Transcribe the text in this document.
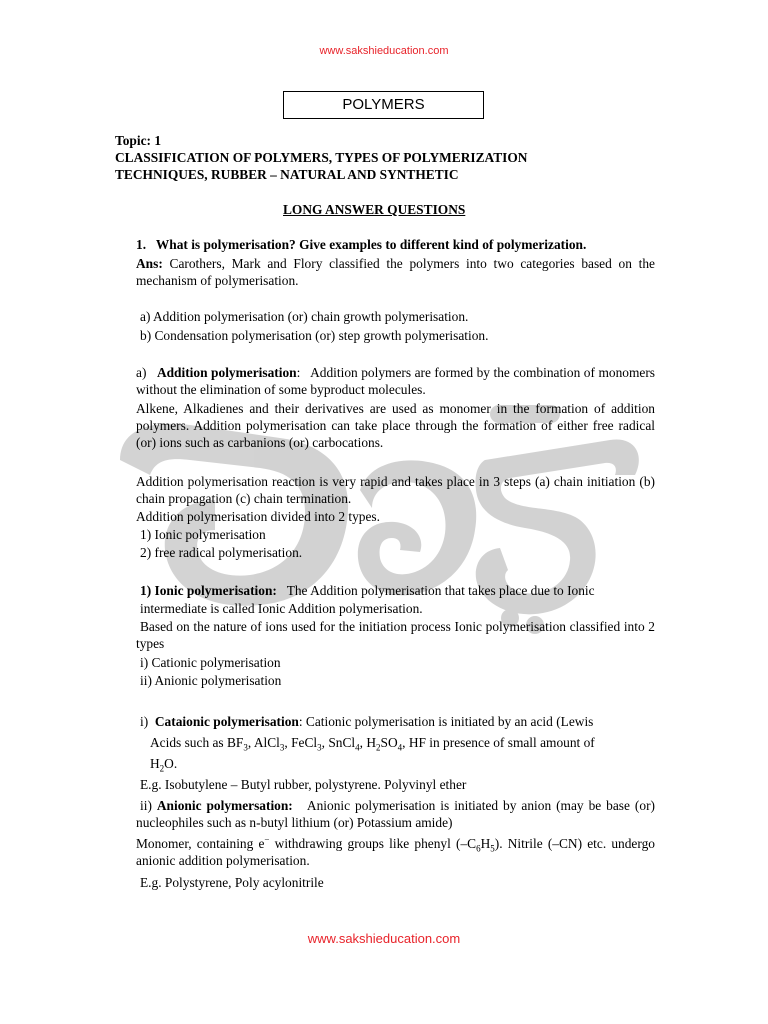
www.sakshieducation.com
POLYMERS
Topic: 1
CLASSIFICATION OF POLYMERS, TYPES OF POLYMERIZATION
TECHNIQUES, RUBBER – NATURAL AND SYNTHETIC
LONG ANSWER QUESTIONS
1. What is polymerisation? Give examples to different kind of polymerization.
Ans: Carothers, Mark and Flory classified the polymers into two categories based on the mechanism of polymerisation.
a) Addition polymerisation (or) chain growth polymerisation.
b) Condensation polymerisation (or) step growth polymerisation.
a) Addition polymerisation:   Addition polymers are formed by the combination of monomers without the elimination of some byproduct molecules.
Alkene, Alkadienes and their derivatives are used as monomer in the formation of addition polymers. Addition polymerisation can take place through the formation of either free radical (or) ions such as carbanions (or) carbocations.
Addition polymerisation reaction is very rapid and takes place in 3 steps (a) chain initiation (b) chain propagation (c) chain termination.
Addition polymerisation divided into 2 types.
1) Ionic polymerisation
2) free radical polymerisation.
1) Ionic polymerisation: The Addition polymerisation that takes place due to Ionic
intermediate is called Ionic Addition polymerisation.
Based on the nature of ions used for the initiation process Ionic polymerisation classified into 2 types
i) Cationic polymerisation
ii) Anionic polymerisation
i) Cataionic polymerisation: Cationic polymerisation is initiated by an acid (Lewis
Acids such as $BF_3$, AlCl$_3$, FeCl$_3$, SnCl$_4$, $H_2SO_4$, HF in presence of small amount of
$H_2O$.
E.g. Isobutylene – Butyl rubber, polystyrene. Polyvinyl ether
ii) Anionic polymersation: Anionic polymerisation is initiated by anion (may be base (or) nucleophiles such as n-butyl lithium (or) Potassium amide)
Monomer, containing e− withdrawing groups like phenyl $(-C_6H_5)$. Nitrile (–CN) etc. undergo anionic addition polymerisation.
E.g. Polystyrene, Poly acylonitrile
www.sakshieducation.com
